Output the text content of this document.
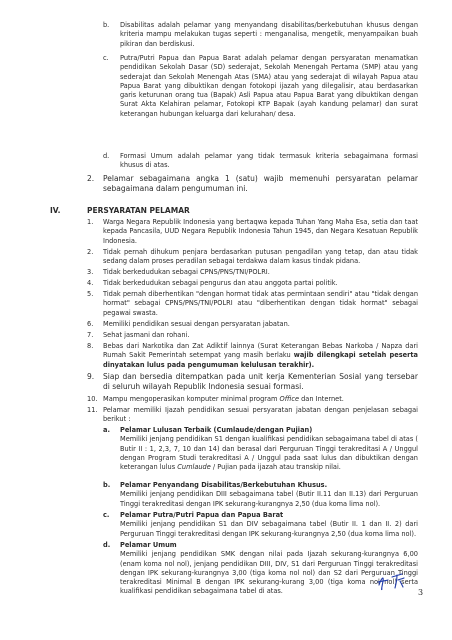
b. Disabilitas adalah pelamar yang menyandang disabilitas/berkebutuhan khusus dengan kriteria mampu melakukan tugas seperti : menganalisa, mengetik, menyampaikan buah pikiran dan berdiskusi.
c. Putra/Putri Papua dan Papua Barat adalah pelamar dengan persyaratan menamatkan pendidikan Sekolah Dasar (SD) sederajat, Sekolah Menengah Pertama (SMP) atau yang sederajat dan Sekolah Menengah Atas (SMA) atau yang sederajat di wilayah Papua atau Papua Barat yang dibuktikan dengan fotokopi ijazah yang dilegalisir, atau berdasarkan garis keturunan orang tua (Bapak) Asli Papua atau Papua Barat yang dibuktikan dengan Surat Akta Kelahiran pelamar, Fotokopi KTP Bapak (ayah kandung pelamar) dan surat keterangan hubungan keluarga dari kelurahan/ desa.
d. Formasi Umum adalah pelamar yang tidak termasuk kriteria sebagaimana formasi khusus di atas.
2. Pelamar sebagaimana angka 1 (satu) wajib memenuhi persyaratan pelamar sebagaimana dalam pengumuman ini.
IV.	PERSYARATAN PELAMAR
1. Warga Negara Republik Indonesia yang bertaqwa kepada Tuhan Yang Maha Esa, setia dan taat kepada Pancasila, UUD Negara Republik Indonesia Tahun 1945, dan Negara Kesatuan Republik Indonesia.
2. Tidak pernah dihukum penjara berdasarkan putusan pengadilan yang tetap, dan atau tidak sedang dalam proses peradilan sebagai terdakwa dalam kasus tindak pidana.
3. Tidak berkedudukan sebagai CPNS/PNS/TNI/POLRI.
4. Tidak berkedudukan sebagai pengurus dan atau anggota partai politik.
5. Tidak pernah diberhentikan "dengan hormat tidak atas permintaan sendiri" atau "tidak dengan hormat" sebagai CPNS/PNS/TNI/POLRI atau "diberhentikan dengan tidak hormat" sebagai pegawai swasta.
6. Memiliki pendidikan sesuai dengan persyaratan jabatan.
7. Sehat jasmani dan rohani.
8. Bebas dari Narkotika dan Zat Adiktif lainnya (Surat Keterangan Bebas Narkoba / Napza dari Rumah Sakit Pemerintah setempat yang masih berlaku wajib dilengkapi setelah peserta dinyatakan lulus pada pengumuman kelulusan terakhir).
9. Siap dan bersedia ditempatkan pada unit kerja Kementerian Sosial yang tersebar di seluruh wilayah Republik Indonesia sesuai formasi.
10. Mampu mengoperasikan komputer minimal program Office dan Internet.
11. Pelamar memiliki Ijazah pendidikan sesuai persyaratan jabatan dengan penjelasan sebagai berikut :
a. Pelamar Lulusan Terbaik (Cumlaude/dengan Pujian)
Memiliki jenjang pendidikan S1 dengan kualifikasi pendidikan sebagaimana tabel di atas ( Butir II : 1, 2,3, 7, 10 dan 14) dan berasal dari Perguruan Tinggi terakreditasi A / Unggul dengan Program Studi terakreditasi A / Unggul pada saat lulus dan dibuktikan dengan keterangan lulus Cumlaude / Pujian pada ijazah atau transkip nilai.
b. Pelamar Penyandang Disabilitas/Berkebutuhan Khusus.
Memiliki jenjang pendidikan DIII sebagaimana tabel (Butir II.11 dan II.13) dari Perguruan Tinggi terakreditasi dengan IPK sekurang-kurangnya 2,50 (dua koma lima nol).
c. Pelamar Putra/Putri Papua dan Papua Barat
Memiliki jenjang pendidikan S1 dan DIV sebagaimana tabel (Butir II. 1 dan II. 2) dari Perguruan Tinggi terakreditasi dengan IPK sekurang-kurangnya 2,50 (dua koma lima nol).
d. Pelamar Umum
Memiliki jenjang pendidikan SMK dengan nilai pada Ijazah sekurang-kurangnya 6,00 (enam koma nol nol), jenjang pendidikan DIII, DIV, S1 dari Perguruan Tinggi terakreditasi dengan IPK sekurang-kurangnya 3,00 (tiga koma nol nol) dan S2 dari Perguruan Tinggi terakreditasi Minimal B dengan IPK sekurang-kurang 3,00 (tiga koma nol nol) serta kualifikasi pendidikan sebagaimana tabel di atas.	3
